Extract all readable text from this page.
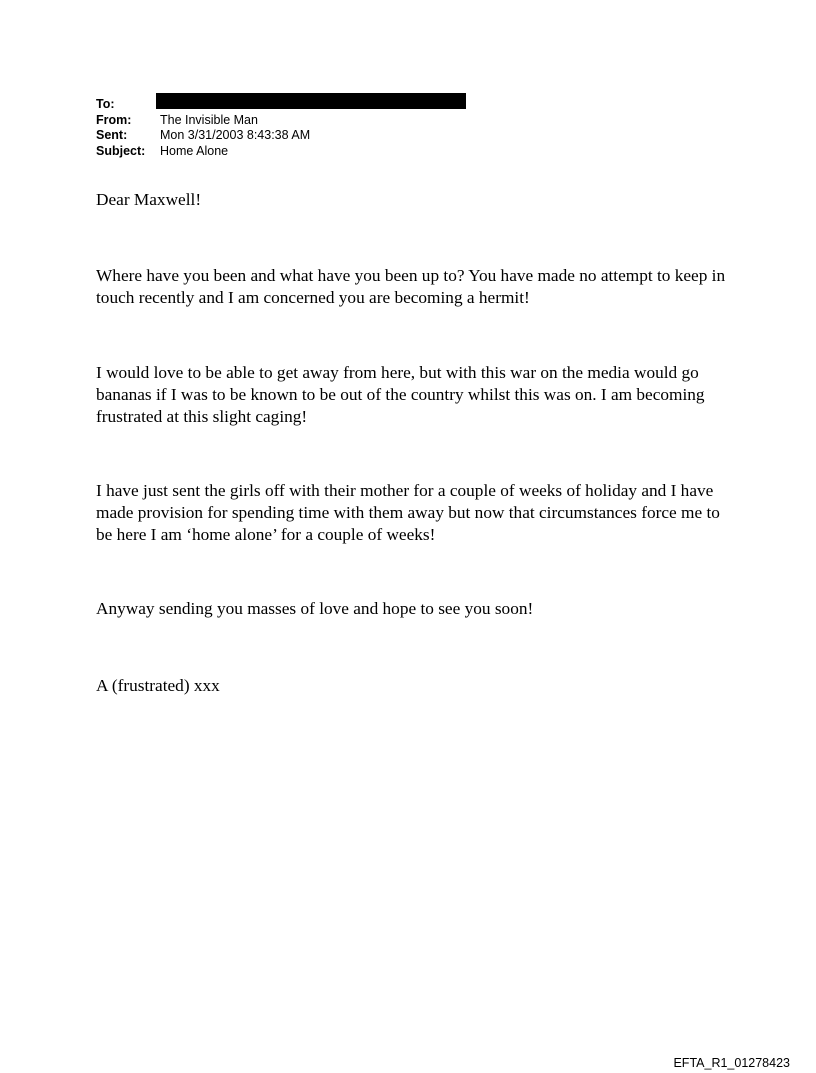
To:
From:	The Invisible Man
Sent:	Mon 3/31/2003 8:43:38 AM
Subject:	Home Alone
Dear Maxwell!
Where have you been and what have you been up to? You have made no attempt to keep in touch recently and I am concerned you are becoming a hermit!
I would love to be able to get away from here, but with this war on the media would go bananas if I was to be known to be out of the country whilst this was on. I am becoming frustrated at this slight caging!
I have just sent the girls off with their mother for a couple of weeks of holiday and I have made provision for spending time with them away but now that circumstances force me to be here I am ‘home alone’ for a couple of weeks!
Anyway sending you masses of love and hope to see you soon!
A (frustrated) xxx
EFTA_R1_01278423
